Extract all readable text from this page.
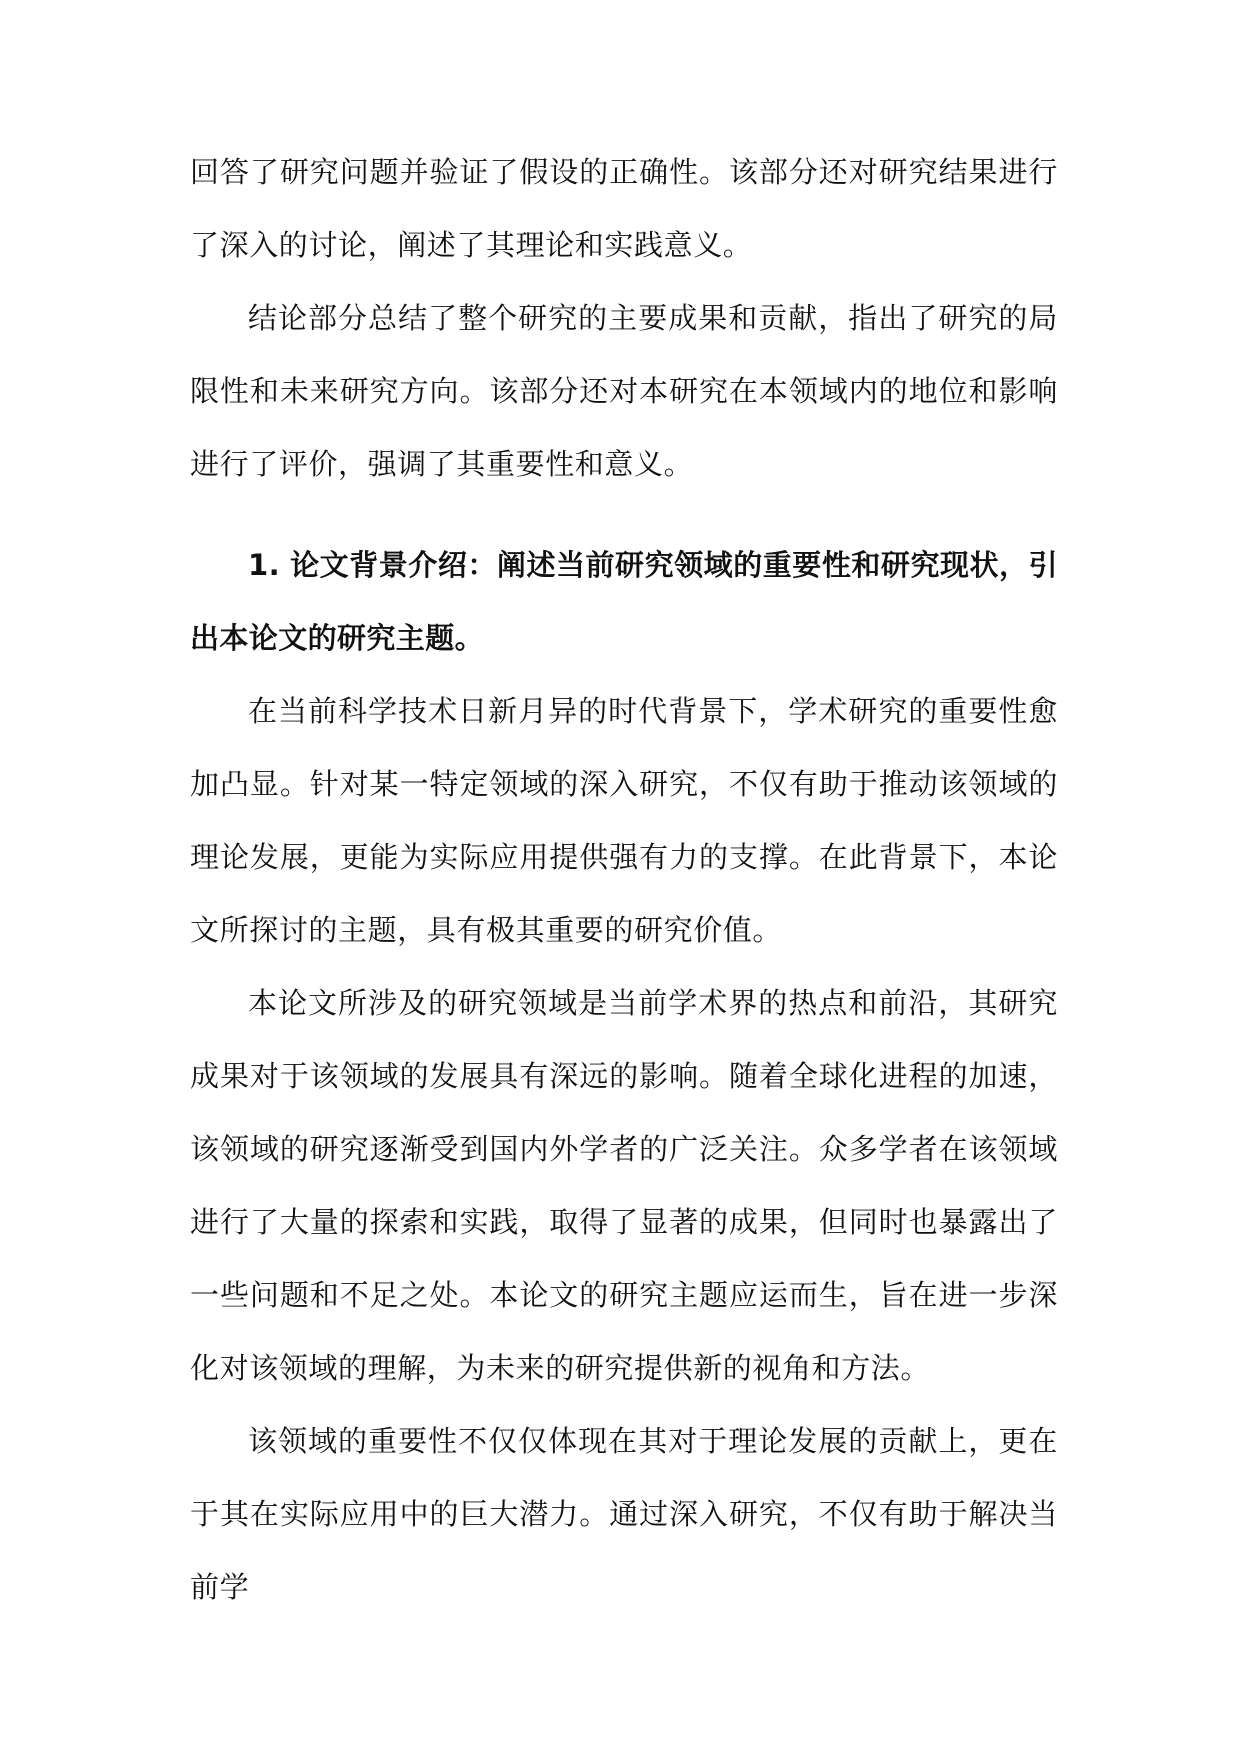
回答了研究问题并验证了假设的正确性。该部分还对研究结果进行了深入的讨论，阐述了其理论和实践意义。

结论部分总结了整个研究的主要成果和贡献，指出了研究的局限性和未来研究方向。该部分还对本研究在本领域内的地位和影响进行了评价，强调了其重要性和意义。

1. 论文背景介绍：阐述当前研究领域的重要性和研究现状，引出本论文的研究主题。

在当前科学技术日新月异的时代背景下，学术研究的重要性愈加凸显。针对某一特定领域的深入研究，不仅有助于推动该领域的理论发展，更能为实际应用提供强有力的支撑。在此背景下，本论文所探讨的主题，具有极其重要的研究价值。

本论文所涉及的研究领域是当前学术界的热点和前沿，其研究成果对于该领域的发展具有深远的影响。随着全球化进程的加速，该领域的研究逐渐受到国内外学者的广泛关注。众多学者在该领域进行了大量的探索和实践，取得了显著的成果，但同时也暴露出了一些问题和不足之处。本论文的研究主题应运而生，旨在进一步深化对该领域的理解，为未来的研究提供新的视角和方法。

该领域的重要性不仅仅体现在其对于理论发展的贡献上，更在于其在实际应用中的巨大潜力。通过深入研究，不仅有助于解决当前学
